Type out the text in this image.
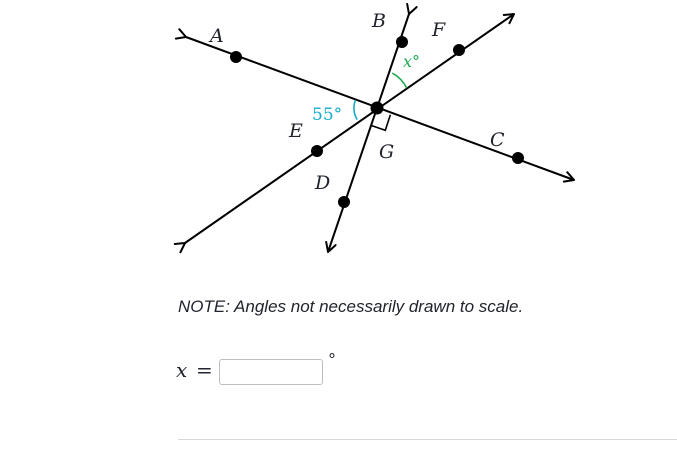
A
B F
E
G
C
D
55°
x°
NOTE: Angles not necessarily drawn to scale.
x =	°
